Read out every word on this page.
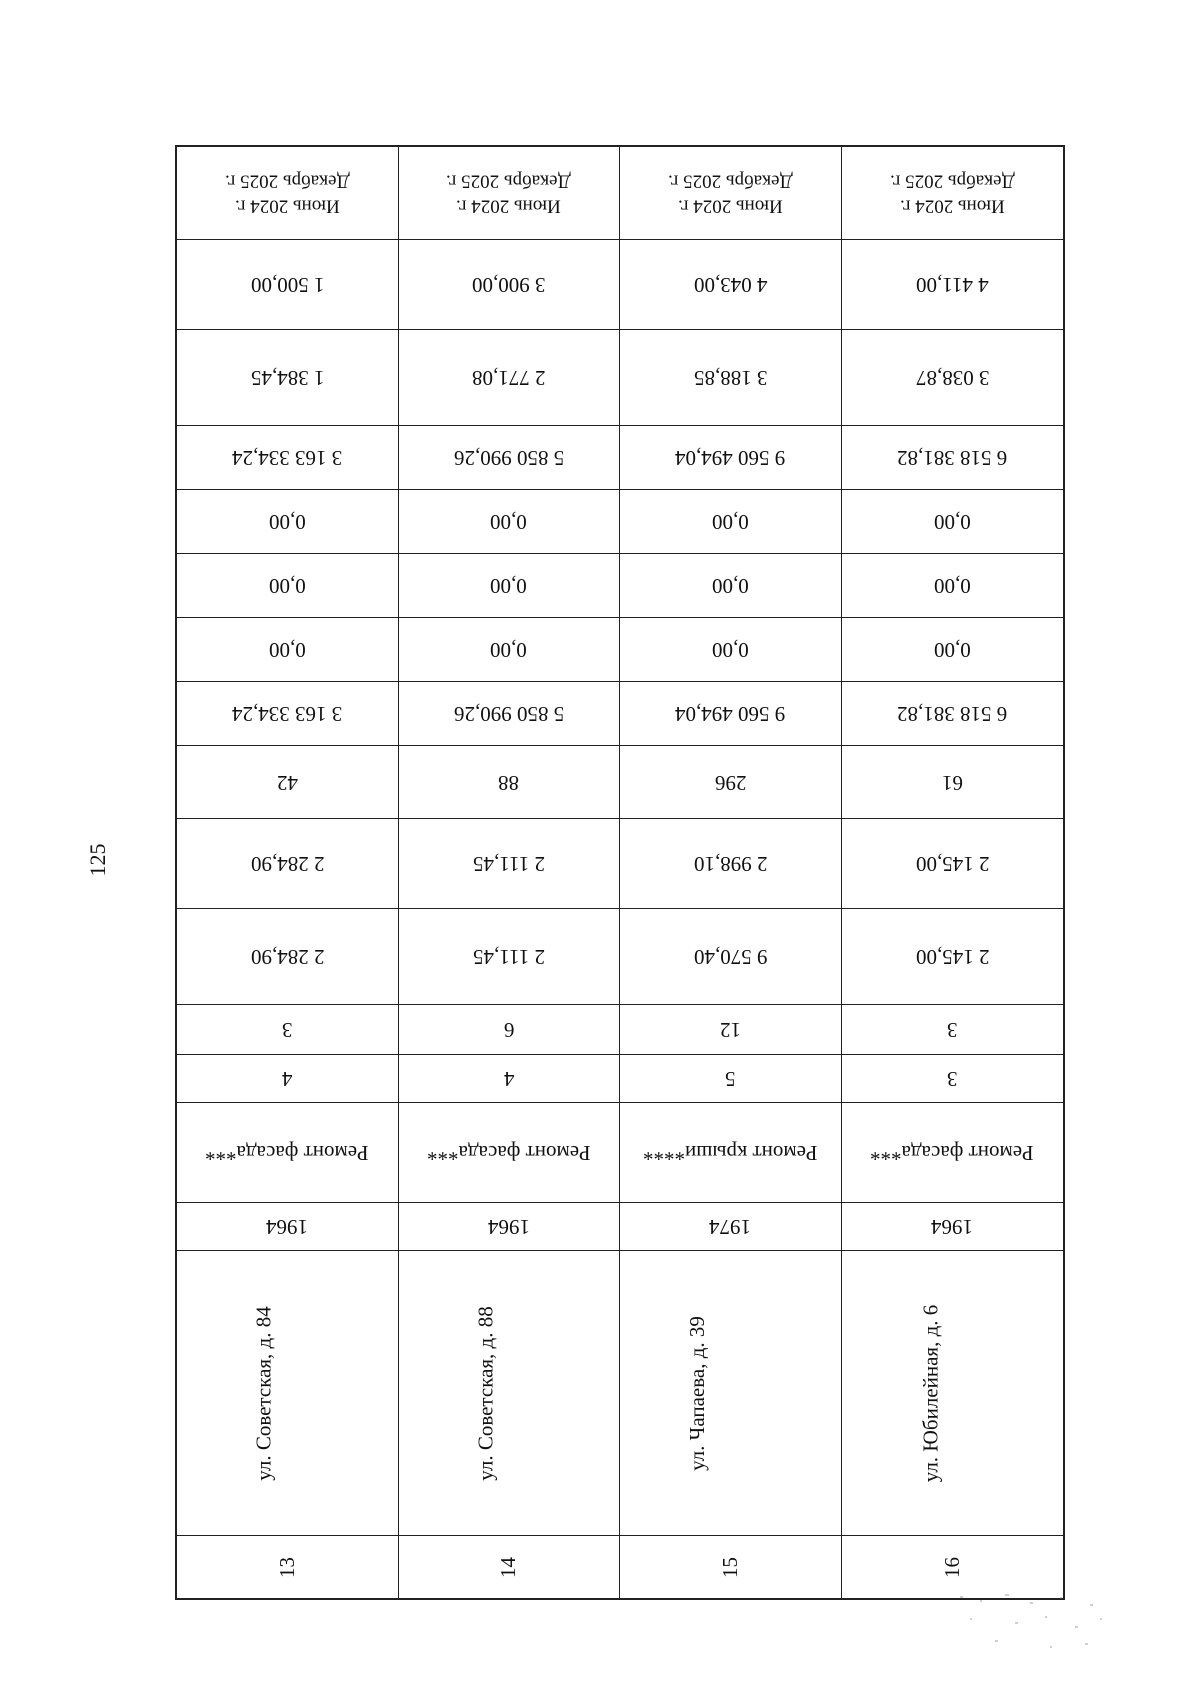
125
Июнь 2024 г.
Декабрь 2025 г.
1 500,00
1 384,45
3 163 334,24
0,00
0,00
0,00
3 163 334,24
42
2 284,90
2 284,90
3
4
Ремонт фасада***
1964
ул. Советская, д. 84
13
Июнь 2024 г.
Декабрь 2025 г.
3 900,00
2 771,08
5 850 990,26
0,00
0,00
0,00
5 850 990,26
88
2 111,45
2 111,45
6
4
Ремонт фасада***
1964
ул. Советская, д. 88
14
Июнь 2024 г.
Декабрь 2025 г.
4 043,00
3 188,85
9 560 494,04
0,00
0,00
0,00
9 560 494,04
296
2 998,10
9 570,40
12
5
Ремонт крыши****
1974
ул. Чапаева, д. 39
15
Июнь 2024 г.
Декабрь 2025 г.
4 411,00
3 038,87
6 518 381,82
0,00
0,00
0,00
6 518 381,82
61
2 145,00
2 145,00
3
3
Ремонт фасада***
1964
ул. Юбилейная, д. 6
16
